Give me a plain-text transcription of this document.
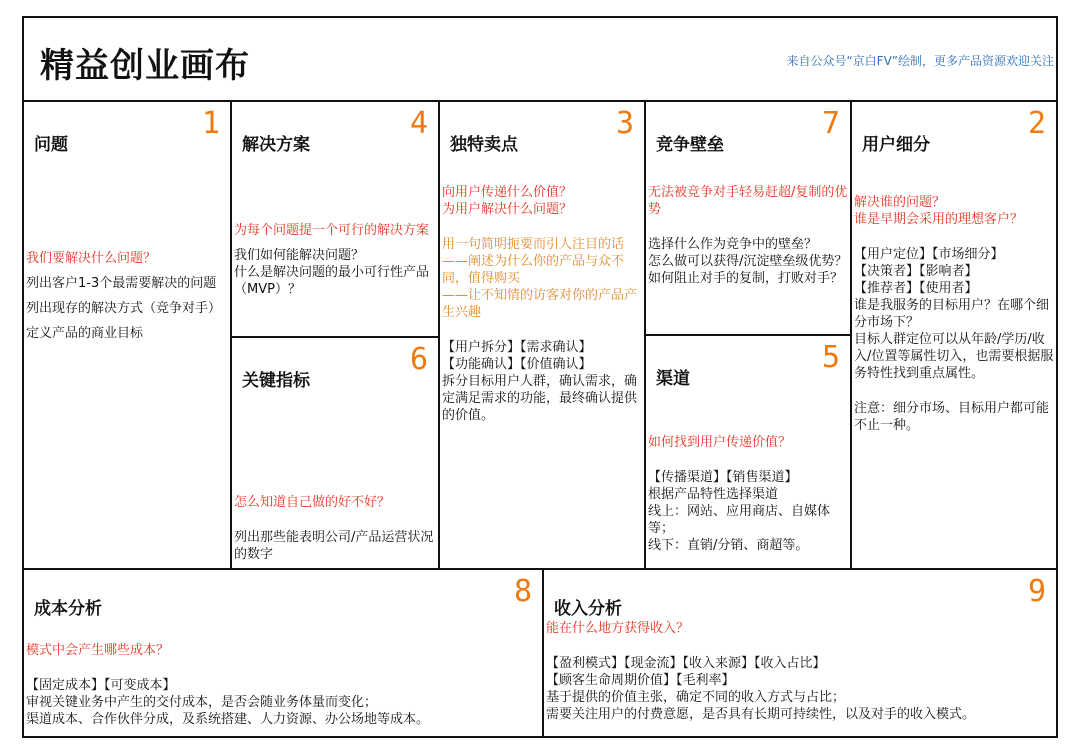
精益创业画布	来自公众号“京白FV”绘制，更多产品资源欢迎关注
问题
1

我们要解决什么问题？

列出客户1-3个最需要解决的问题

列出现存的解决方式（竞争对手）

定义产品的商业目标

解决方案
4

为每个问题提一个可行的解决方案

我们如何能解决问题？

什么是解决问题的最小可行性产品（MVP）？

关键指标
6

怎么知道自己做的好不好？

列出那些能表明公司/产品运营状况的数字

独特卖点
3

向用户传递什么价值？

为用户解决什么问题？

用一句简明扼要而引人注目的话

——阐述为什么你的产品与众不同，值得购买

——让不知情的访客对你的产品产生兴趣

【用户拆分】【需求确认】

【功能确认】【价值确认】

拆分目标用户人群，确认需求，确定满足需求的功能，最终确认提供的价值。

竞争壁垒
7

无法被竞争对手轻易赶超/复制的优势

选择什么作为竞争中的壁垒？

怎么做可以获得/沉淀壁垒级优势？

如何阻止对手的复制，打败对手？

渠道
5

如何找到用户传递价值？

【传播渠道】【销售渠道】

根据产品特性选择渠道

线上：网站、应用商店、自媒体等；

线下：直销/分销、商超等。

用户细分
2

解决谁的问题？

谁是早期会采用的理想客户？

【用户定位】【市场细分】

【决策者】【影响者】

【推荐者】【使用者】

谁是我服务的目标用户？在哪个细分市场下？

目标人群定位可以从年龄/学历/收入/位置等属性切入，也需要根据服务特性找到重点属性。

注意：细分市场、目标用户都可能不止一种。

成本分析	8

模式中会产生哪些成本？

【固定成本】【可变成本】

审视关键业务中产生的交付成本，是否会随业务体量而变化；

渠道成本、合作伙伴分成，及系统搭建、人力资源、办公场地等成本。

收入分析	9

能在什么地方获得收入？

【盈利模式】【现金流】【收入来源】【收入占比】

【顾客生命周期价值】【毛利率】

基于提供的价值主张，确定不同的收入方式与占比；

需要关注用户的付费意愿，是否具有长期可持续性，以及对手的收入模式。
